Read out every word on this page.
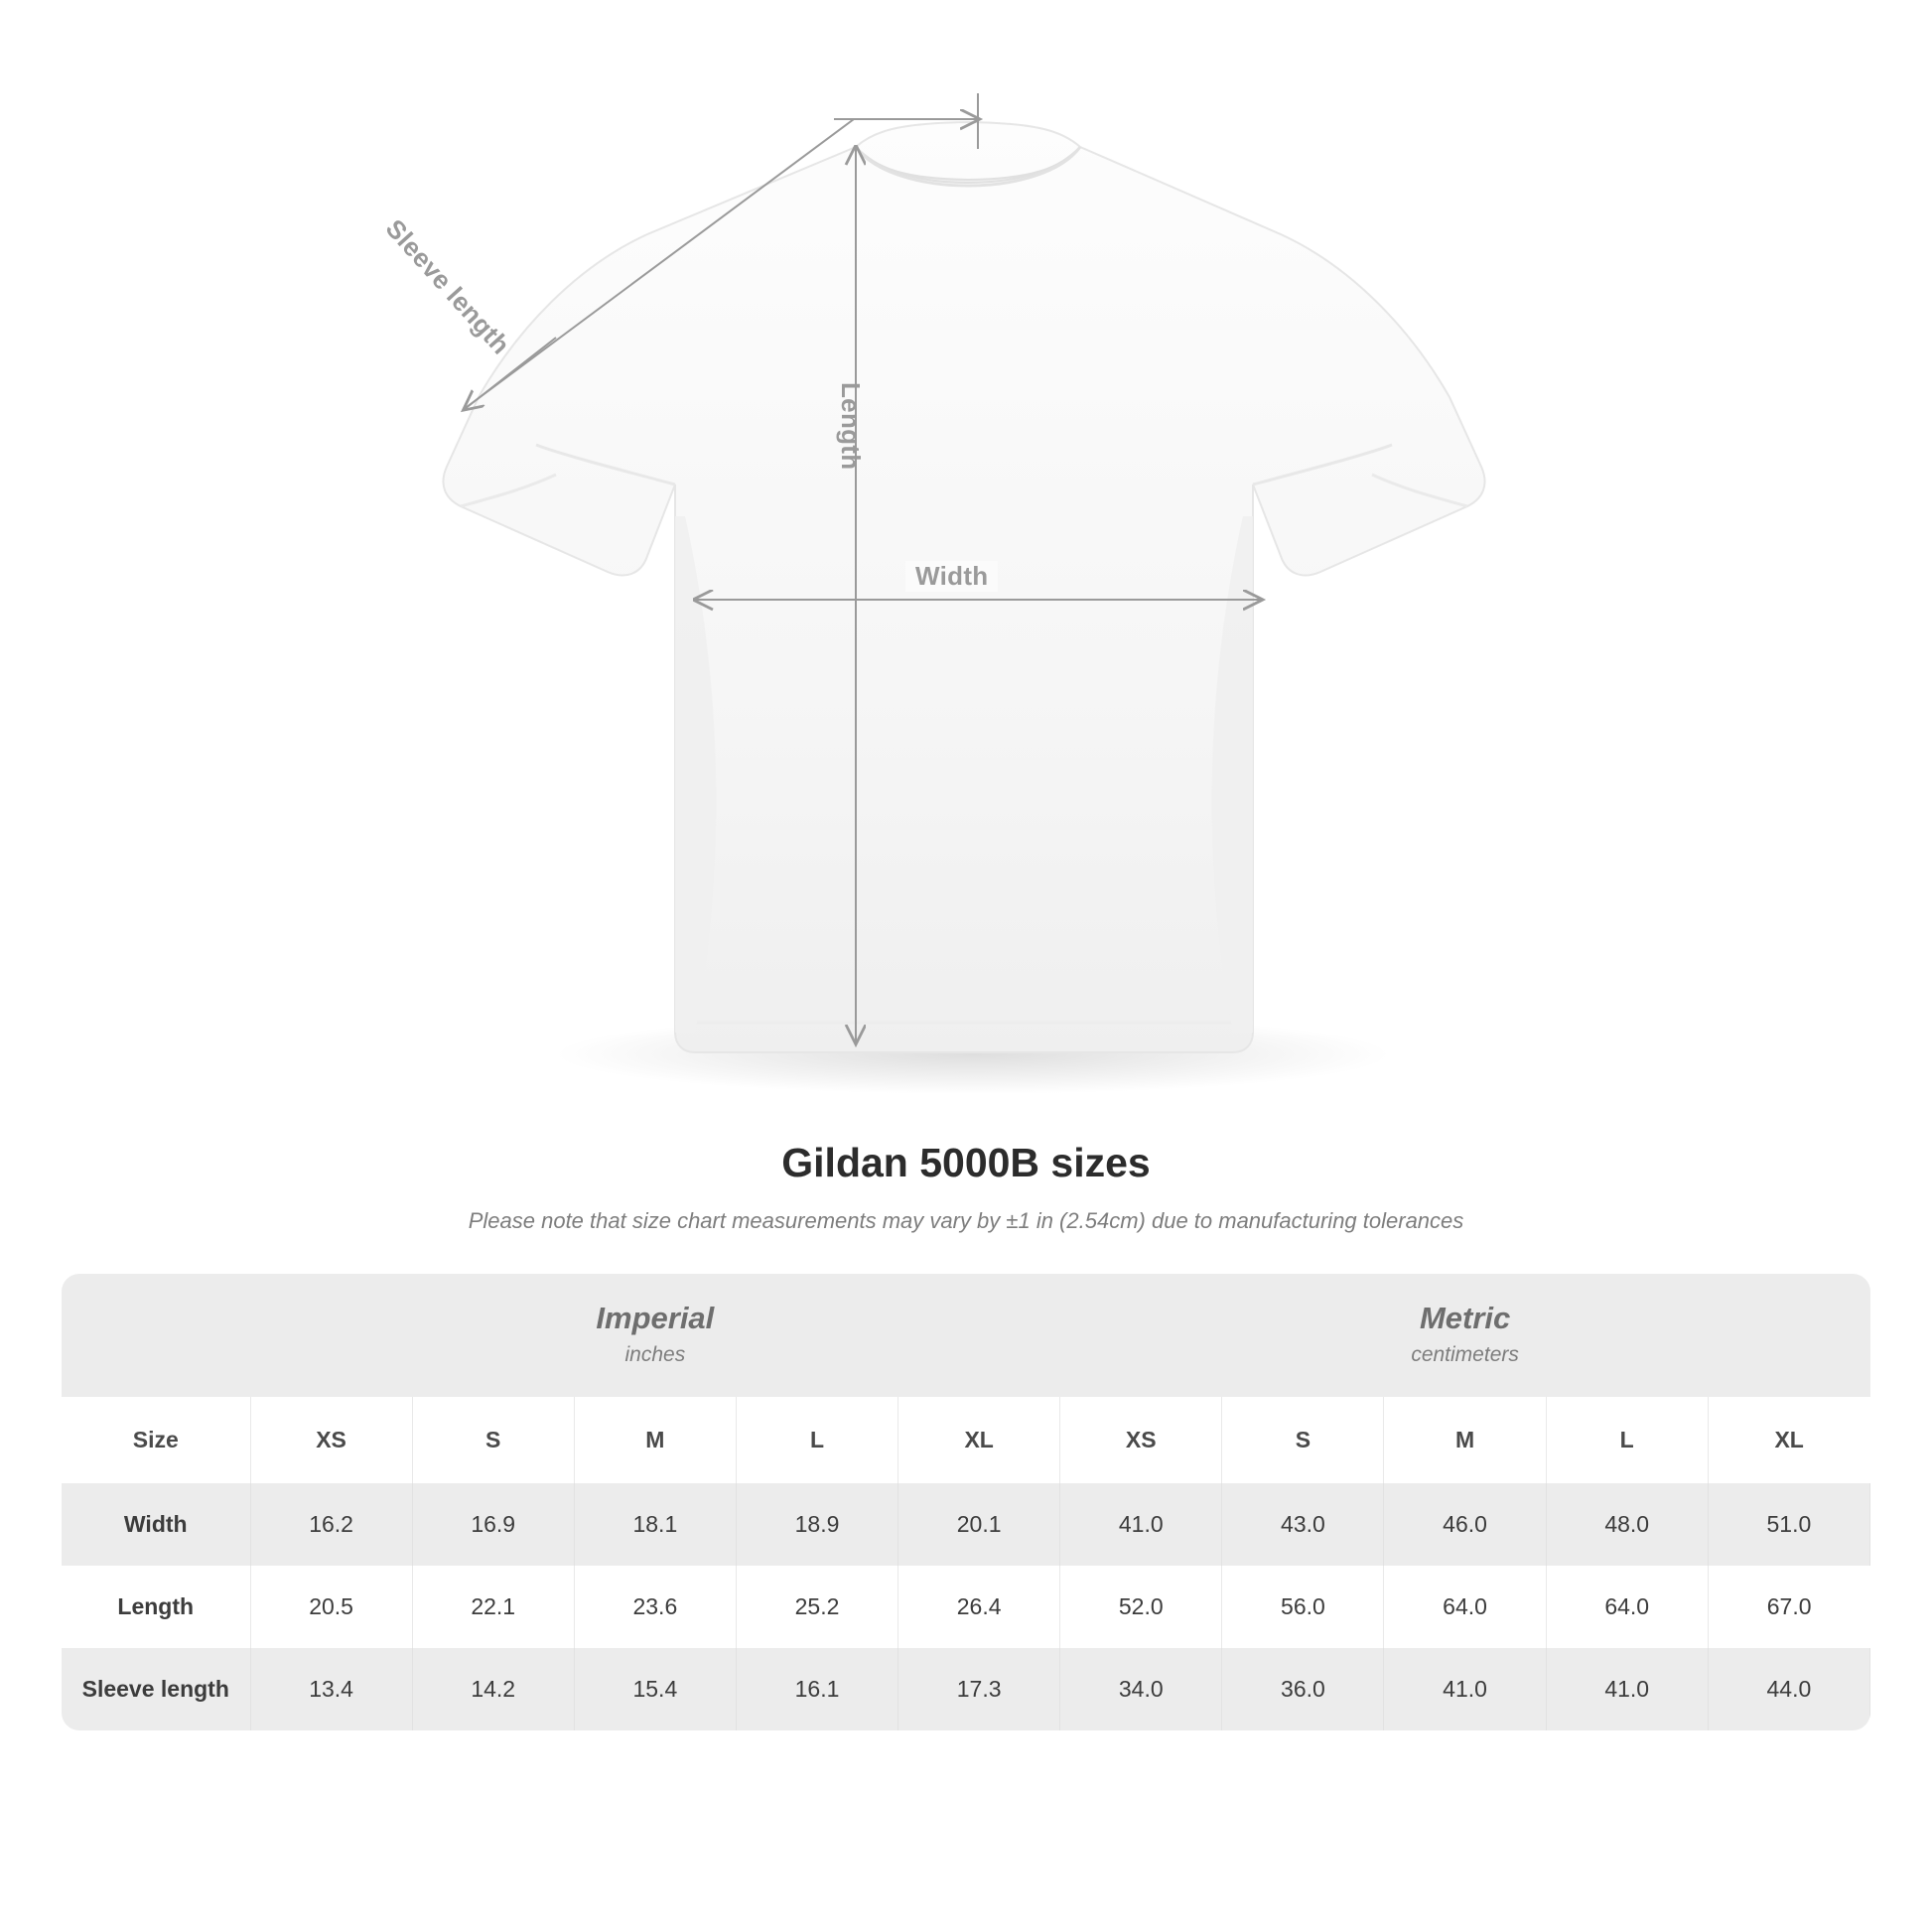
Sleeve length
Length
Width
Gildan 5000B sizes
Please note that size chart measurements may vary by ±1 in (2.54cm) due to manufacturing tolerances

Imperial
inches

Metric
centimeters

Size	XS	S	M	L	XL	XS	S	M	L	XL
Width	16.2	16.9	18.1	18.9	20.1	41.0	43.0	46.0	48.0	51.0
Length	20.5	22.1	23.6	25.2	26.4	52.0	56.0	64.0	64.0	67.0
Sleeve length	13.4	14.2	15.4	16.1	17.3	34.0	36.0	41.0	41.0	44.0
